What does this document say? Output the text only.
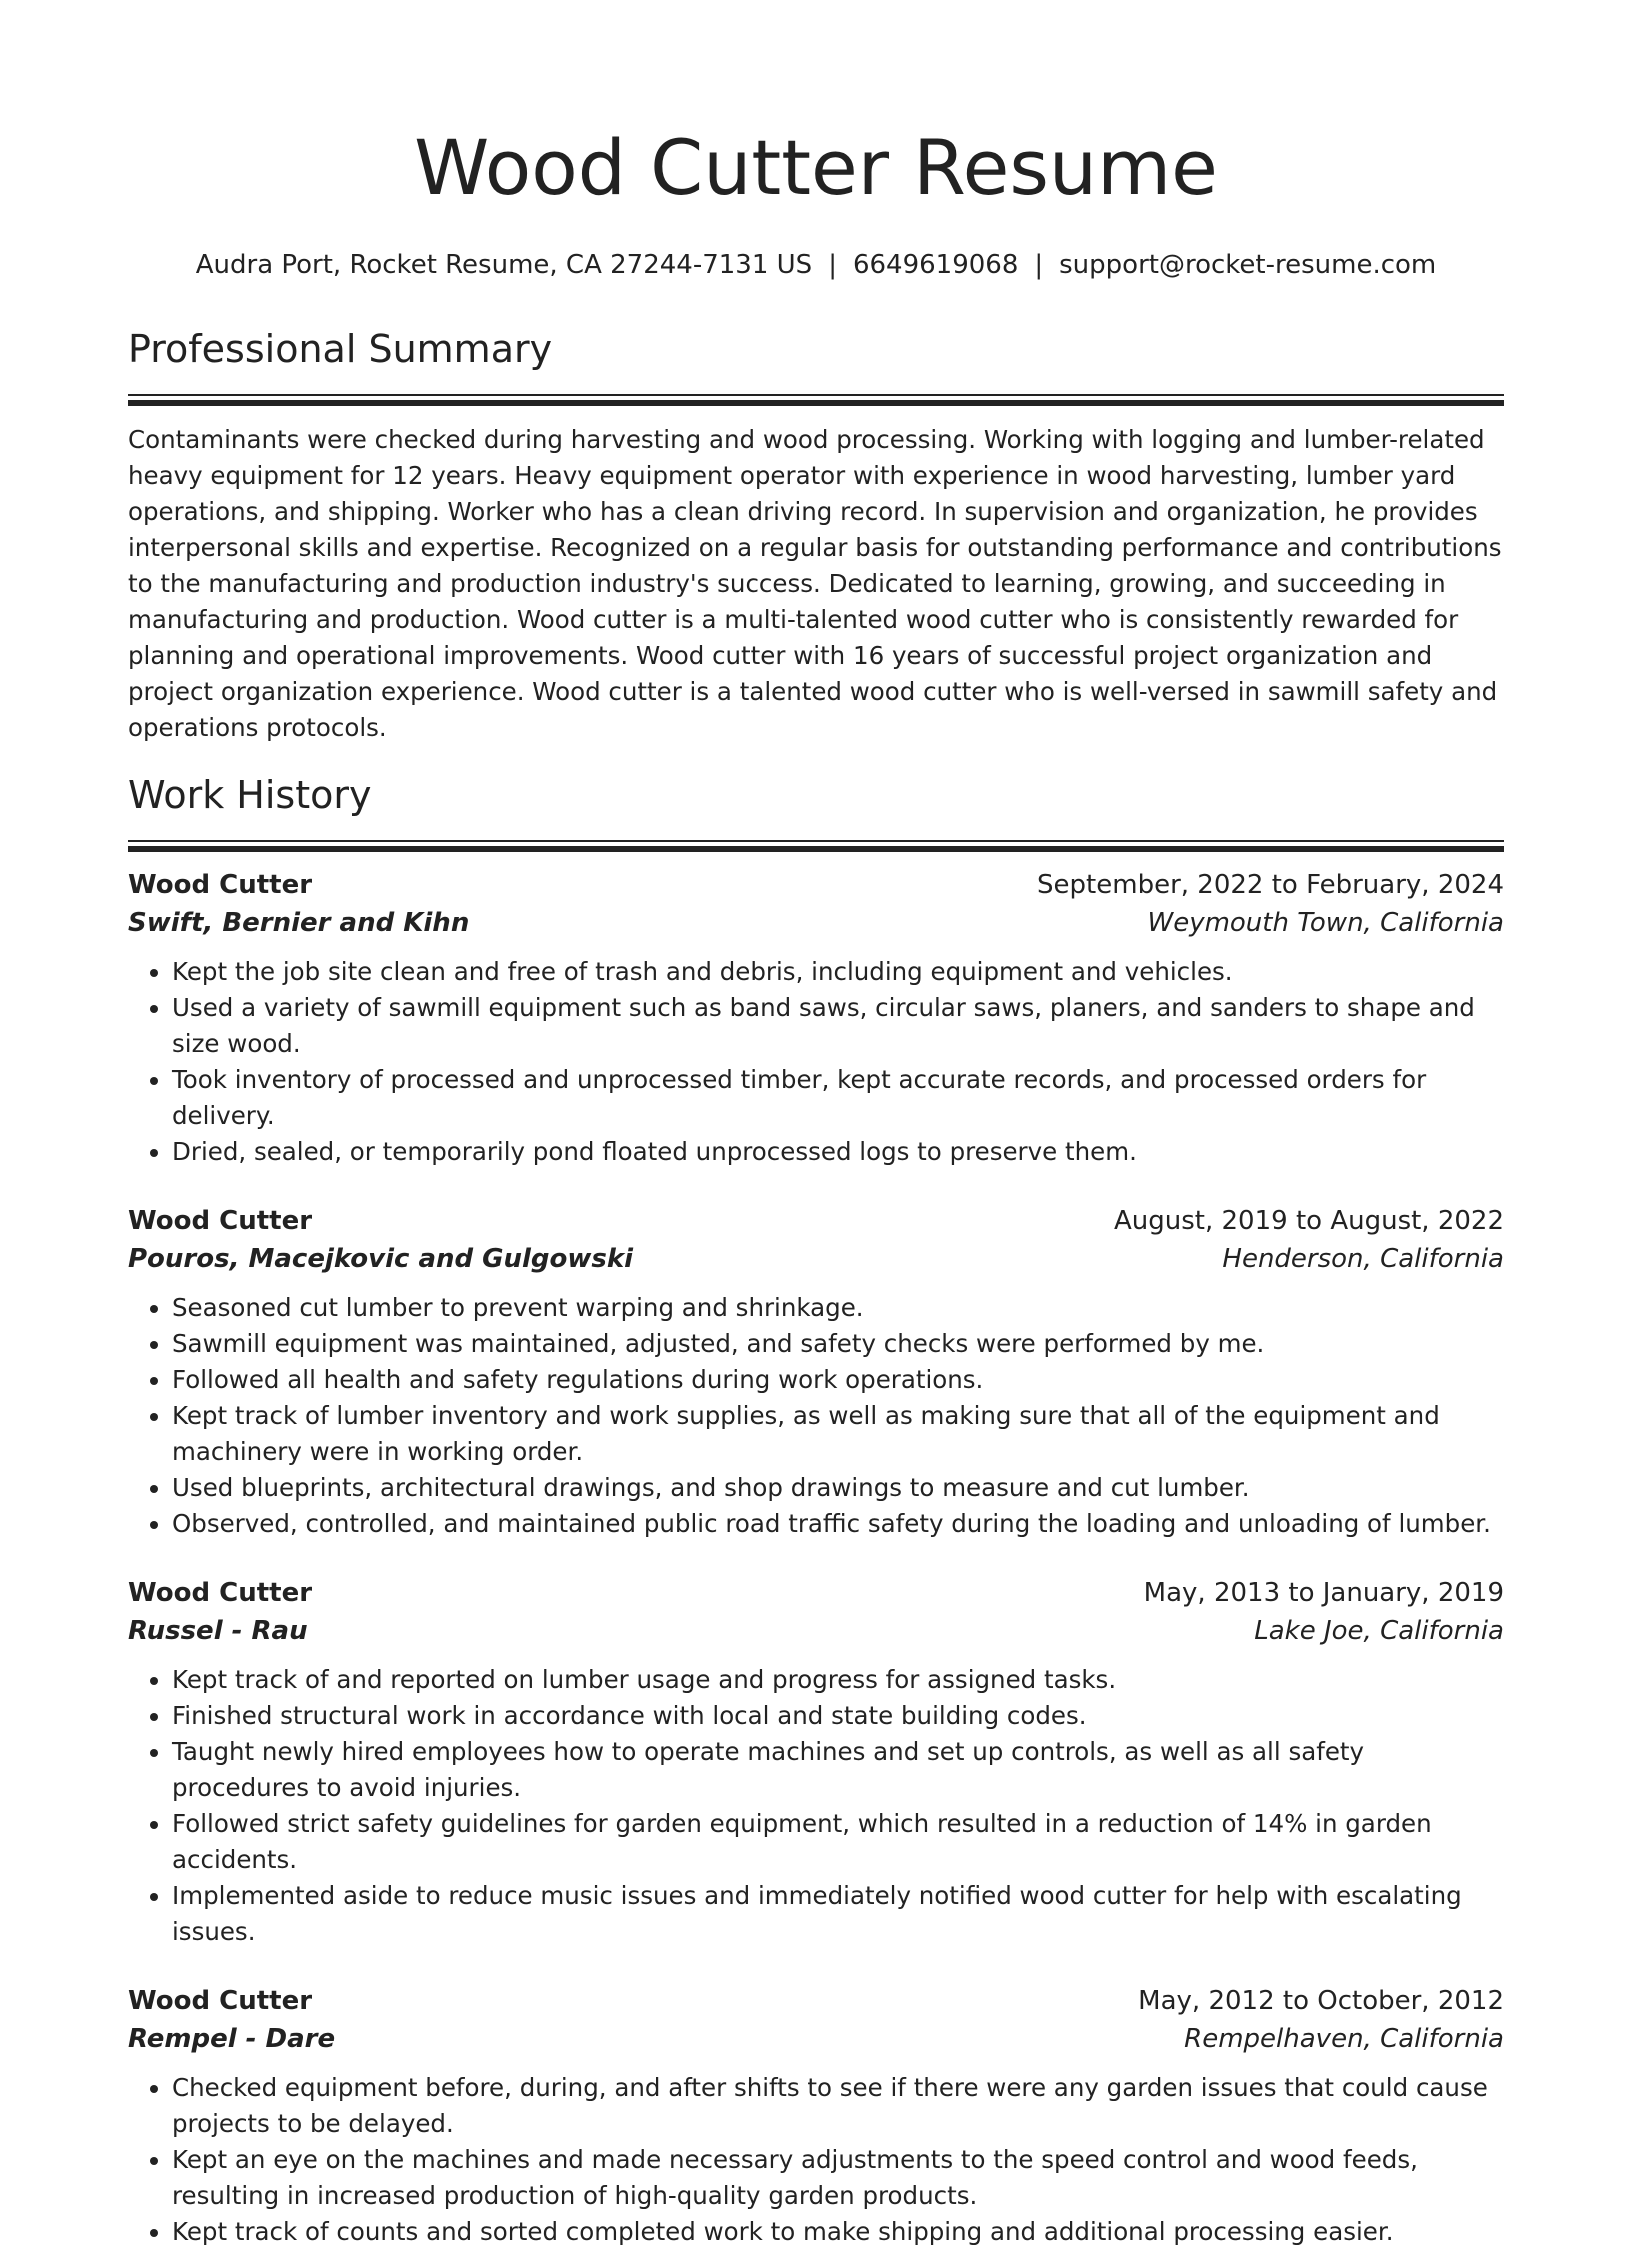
Wood Cutter Resume
Audra Port, Rocket Resume, CA 27244-7131 US | 6649619068 | support@rocket-resume.com
Professional Summary

Contaminants were checked during harvesting and wood processing. Working with logging and lumber-related heavy equipment for 12 years. Heavy equipment operator with experience in wood harvesting, lumber yard operations, and shipping. Worker who has a clean driving record. In supervision and organization, he provides interpersonal skills and expertise. Recognized on a regular basis for outstanding performance and contributions to the manufacturing and production industry's success. Dedicated to learning, growing, and succeeding in manufacturing and production. Wood cutter is a multi-talented wood cutter who is consistently rewarded for planning and operational improvements. Wood cutter with 16 years of successful project organization and project organization experience. Wood cutter is a talented wood cutter who is well-versed in sawmill safety and operations protocols.

Work History
Wood Cutter	September, 2022 to February, 2024
Swift, Bernier and Kihn	Weymouth Town, California
• Kept the job site clean and free of trash and debris, including equipment and vehicles.
• Used a variety of sawmill equipment such as band saws, circular saws, planers, and sanders to shape and size wood.
• Took inventory of processed and unprocessed timber, kept accurate records, and processed orders for delivery.
• Dried, sealed, or temporarily pond floated unprocessed logs to preserve them.
Wood Cutter	August, 2019 to August, 2022
Pouros, Macejkovic and Gulgowski	Henderson, California
• Seasoned cut lumber to prevent warping and shrinkage.
• Sawmill equipment was maintained, adjusted, and safety checks were performed by me.
• Followed all health and safety regulations during work operations.
• Kept track of lumber inventory and work supplies, as well as making sure that all of the equipment and machinery were in working order.
• Used blueprints, architectural drawings, and shop drawings to measure and cut lumber.
• Observed, controlled, and maintained public road traffic safety during the loading and unloading of lumber.
Wood Cutter	May, 2013 to January, 2019
Russel - Rau	Lake Joe, California
• Kept track of and reported on lumber usage and progress for assigned tasks.
• Finished structural work in accordance with local and state building codes.
• Taught newly hired employees how to operate machines and set up controls, as well as all safety procedures to avoid injuries.
• Followed strict safety guidelines for garden equipment, which resulted in a reduction of 14% in garden accidents.
• Implemented aside to reduce music issues and immediately notified wood cutter for help with escalating issues.
Wood Cutter	May, 2012 to October, 2012
Rempel - Dare	Rempelhaven, California
• Checked equipment before, during, and after shifts to see if there were any garden issues that could cause projects to be delayed.
• Kept an eye on the machines and made necessary adjustments to the speed control and wood feeds, resulting in increased production of high-quality garden products.
• Kept track of counts and sorted completed work to make shipping and additional processing easier.
